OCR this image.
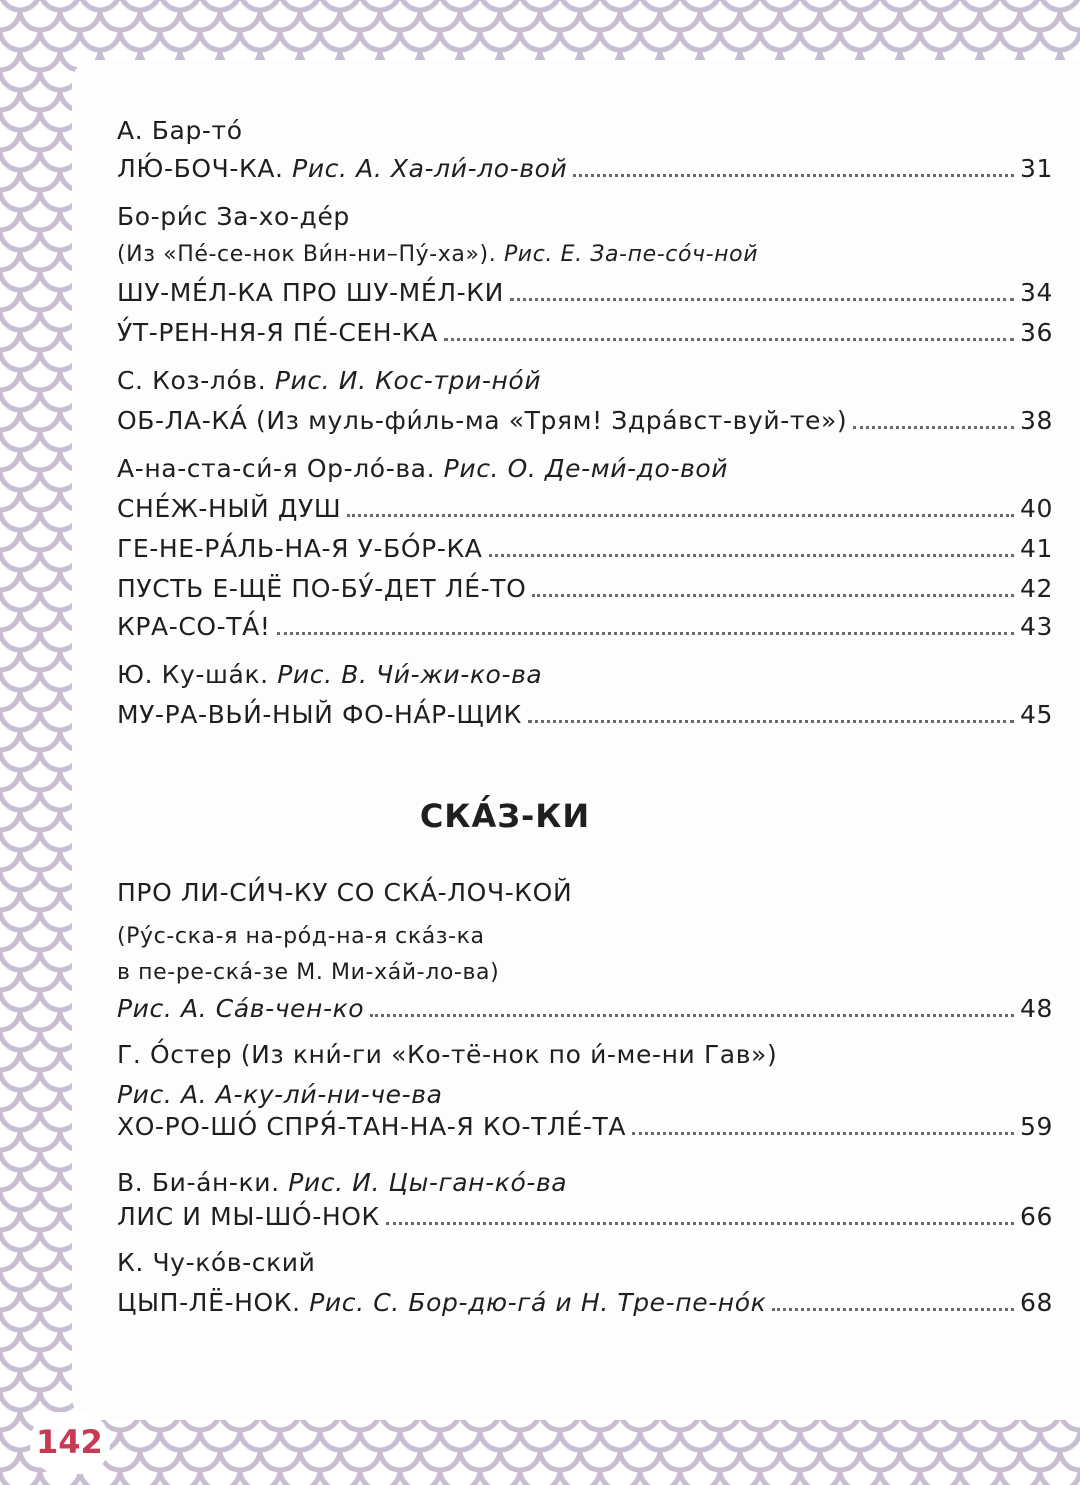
СКА́З-КИ
А. Бар-то́
ЛЮ́-БОЧ-КА. Рис. А. Ха-ли́-ло-вой	31
Бо-ри́с За-хо-де́р
(Из «Пе́-се-нок Ви́н-ни–Пу́-ха»). Рис. Е. За-пе-со́ч-ной
ШУ-МЕ́Л-КА ПРО ШУ-МЕ́Л-КИ	34
У́Т-РЕН-НЯ-Я ПЕ́-СЕН-КА	36
С. Коз-ло́в. Рис. И. Кос-три-но́й
ОБ-ЛА-КА́ (Из муль-фи́ль-ма «Трям! Здра́вст-вуй-те»)	38
А-на-ста-си́-я Ор-ло́-ва. Рис. О. Де-ми́-до-вой
СНЕ́Ж-НЫЙ ДУШ	40
ГЕ-НЕ-РА́ЛЬ-НА-Я У-БО́Р-КА	41
ПУСТЬ Е-ЩЁ ПО-БУ́-ДЕТ ЛЕ́-ТО	42
КРА-СО-ТА́!	43
Ю. Ку-ша́к. Рис. В. Чи́-жи-ко-ва
МУ-РА-ВЬИ́-НЫЙ ФО-НА́Р-ЩИК	45
ПРО ЛИ-СИ́Ч-КУ СО СКА́-ЛОЧ-КОЙ
(Ру́с-ска-я на-ро́д-на-я ска́з-ка
в пе-ре-ска́-зе М. Ми-ха́й-ло-ва)
Рис. А. Са́в-чен-ко	48
Г. О́стер (Из кни́-ги «Ко-тё-нок по и́-ме-ни Гав»)
Рис. А. А-ку-ли́-ни-че-ва
ХО-РО-ШО́ СПРЯ́-ТАН-НА-Я КО-ТЛЕ́-ТА	59
В. Би-а́н-ки. Рис. И. Цы-ган-ко́-ва
ЛИС И МЫ-ШО́-НОК	66
К. Чу-ко́в-ский
ЦЫП-ЛЁ-НОК. Рис. С. Бор-дю-га́ и Н. Тре-пе-но́к	68
142
